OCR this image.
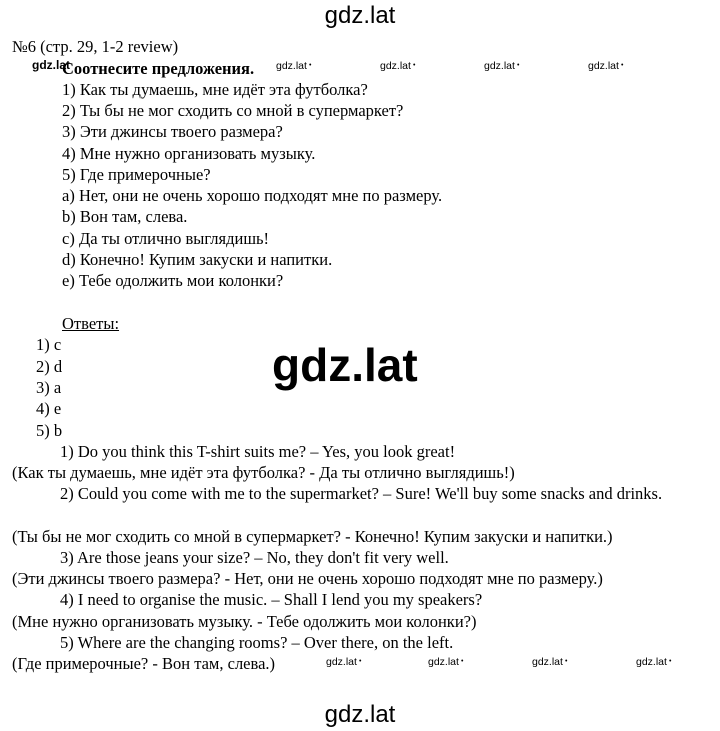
gdz.lat
gdz.lat
gdz.lat
gdz.lat	gdz.lat •	gdz.lat •	gdz.lat •	gdz.lat •
gdz.lat •	gdz.lat •	gdz.lat •	gdz.lat •
№6 (стр. 29, 1-2 review)
Соотнесите предложения.
1) Как ты думаешь, мне идёт эта футболка?
2) Ты бы не мог сходить со мной в супермаркет?
3) Эти джинсы твоего размера?
4) Мне нужно организовать музыку.
5) Где примерочные?
a) Нет, они не очень хорошо подходят мне по размеру.
b) Вон там, слева.
c) Да ты отлично выглядишь!
d) Конечно! Купим закуски и напитки.
e) Тебе одолжить мои колонки?
Ответы:
1) c
2) d
3) a
4) e
5) b
1) Do you think this T-shirt suits me? – Yes, you look great!
(Как ты думаешь, мне идёт эта футболка? - Да ты отлично выглядишь!)
2) Could you come with me to the supermarket? – Sure! We'll buy some snacks and drinks.
(Ты бы не мог сходить со мной в супермаркет? - Конечно! Купим закуски и напитки.)
3) Are those jeans your size? – No, they don't fit very well.
(Эти джинсы твоего размера? - Нет, они не очень хорошо подходят мне по размеру.)
4) I need to organise the music. – Shall I lend you my speakers?
(Мне нужно организовать музыку. - Тебе одолжить мои колонки?)
5) Where are the changing rooms? – Over there, on the left.
(Где примерочные? - Вон там, слева.)
